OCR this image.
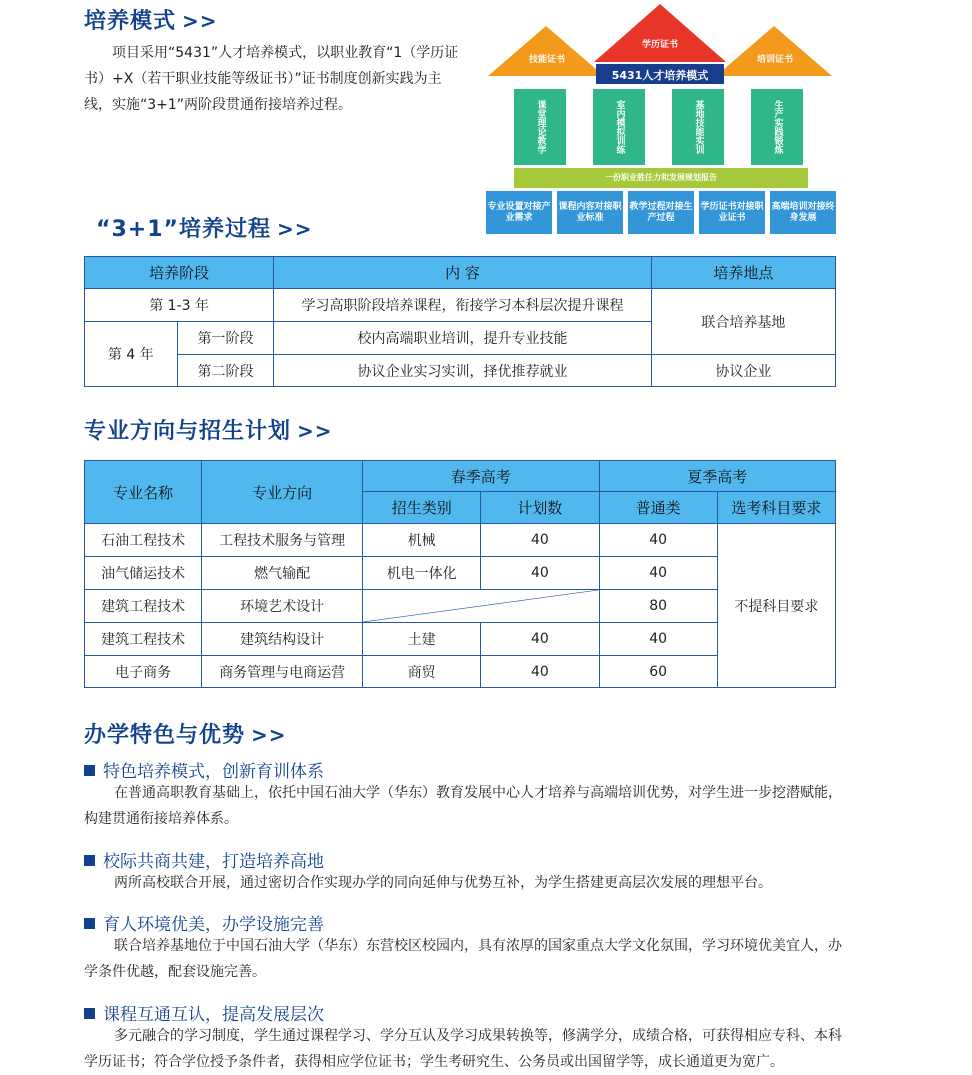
培养模式 >>
项目采用“5431”人才培养模式，以职业教育“1（学历证书）+X（若干职业技能等级证书）”证书制度创新实践为主线，实施“3+1”两阶段贯通衔接培养过程。
技能证书
学历证书
培训证书
5431人才培养模式
课堂理论教学	室内模拟训练	基地技能实训	生产实践锻炼
一份职业胜任力和发展规划报告
专业设置对接产业需求
课程内容对接职业标准
教学过程对接生产过程
学历证书对接职业证书
高端培训对接终身发展
“3+1”培养过程 >>
培养阶段		内 容	培养地点
第 1-3 年		学习高职阶段培养课程，衔接学习本科层次提升课程	联合培养基地
第 4 年	第一阶段	校内高端职业培训，提升专业技能	
	第二阶段	协议企业实习实训，择优推荐就业	协议企业
专业方向与招生计划 >>
专业名称	专业方向	春季高考		夏季高考	
		招生类别	计划数	普通类	选考科目要求
石油工程技术	工程技术服务与管理	机械	40	40	不提科目要求
油气储运技术	燃气输配	机电一体化	40	40	
建筑工程技术	环境艺术设计			80	
建筑工程技术	建筑结构设计	土建	40	40	
电子商务	商务管理与电商运营	商贸	40	60	
办学特色与优势 >>
特色培养模式，创新育训体系
在普通高职教育基础上，依托中国石油大学（华东）教育发展中心人才培养与高端培训优势，对学生进一步挖潜赋能，构建贯通衔接培养体系。
校际共商共建，打造培养高地
两所高校联合开展，通过密切合作实现办学的同向延伸与优势互补，为学生搭建更高层次发展的理想平台。
育人环境优美，办学设施完善
联合培养基地位于中国石油大学（华东）东营校区校园内，具有浓厚的国家重点大学文化氛围，学习环境优美宜人，办学条件优越，配套设施完善。
课程互通互认，提高发展层次
多元融合的学习制度，学生通过课程学习、学分互认及学习成果转换等，修满学分，成绩合格，可获得相应专科、本科学历证书；符合学位授予条件者，获得相应学位证书；学生考研究生、公务员或出国留学等，成长通道更为宽广。
